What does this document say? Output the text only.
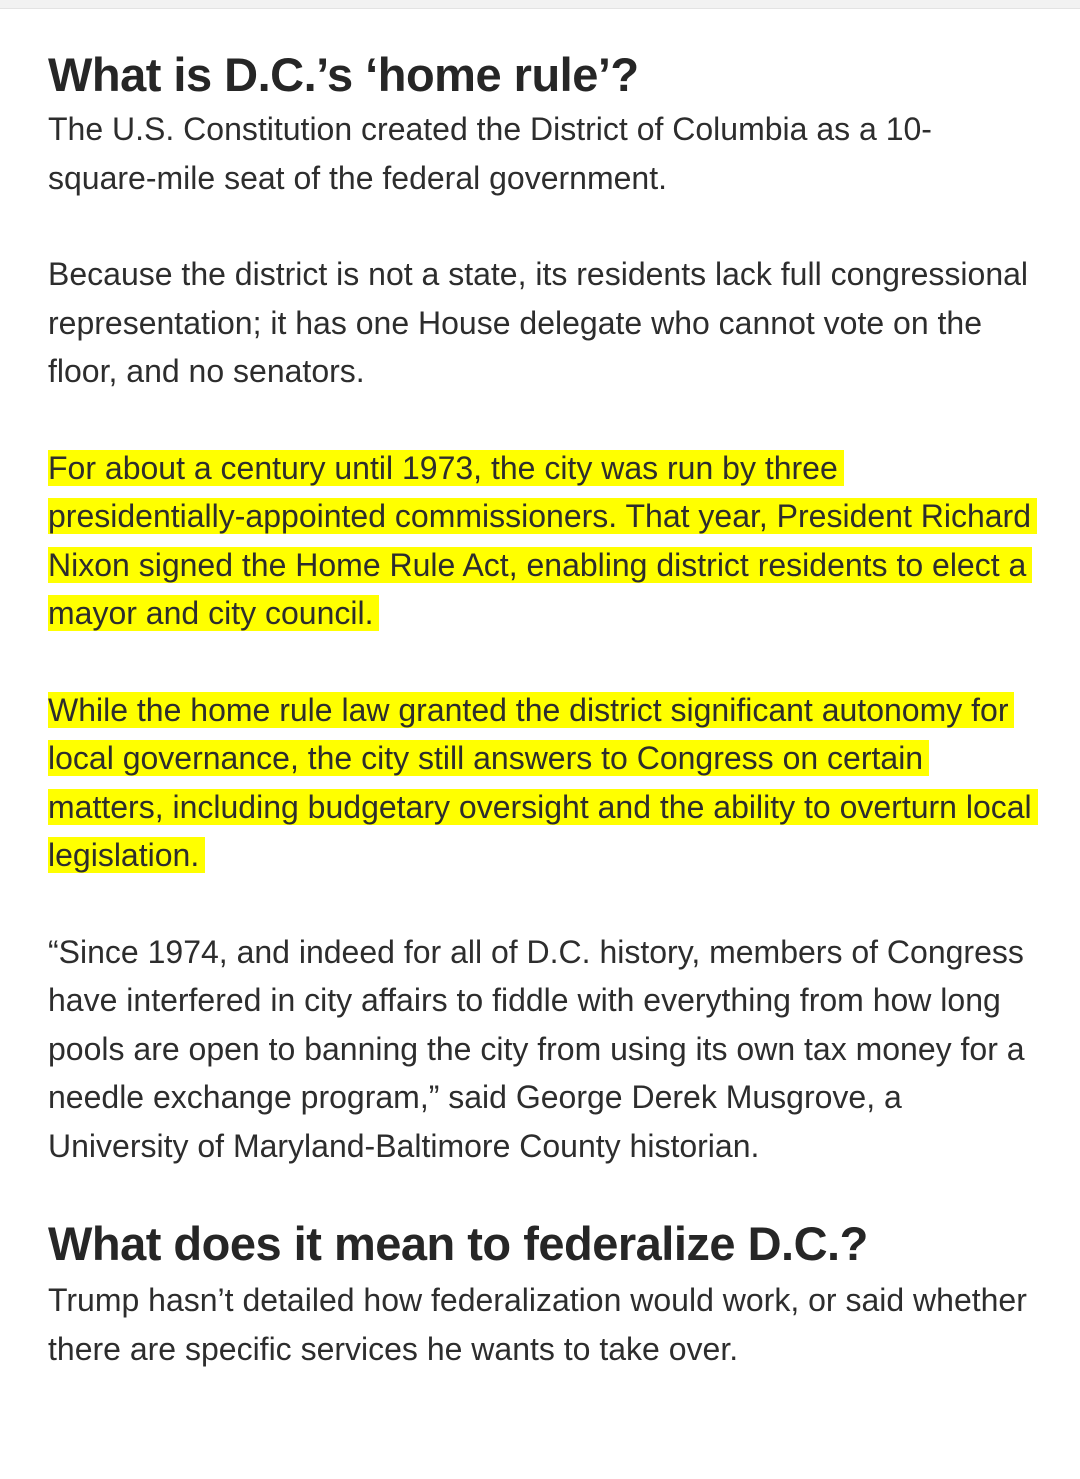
What is D.C.’s ‘home rule’?

The U.S. Constitution created the District of Columbia as a 10-square-mile seat of the federal government.

Because the district is not a state, its residents lack full congressional representation; it has one House delegate who cannot vote on the floor, and no senators.

For about a century until 1973, the city was run by three presidentially-appointed commissioners. That year, President Richard Nixon signed the Home Rule Act, enabling district residents to elect a mayor and city council.

While the home rule law granted the district significant autonomy for local governance, the city still answers to Congress on certain matters, including budgetary oversight and the ability to overturn local legislation.

“Since 1974, and indeed for all of D.C. history, members of Congress have interfered in city affairs to fiddle with everything from how long pools are open to banning the city from using its own tax money for a needle exchange program,” said George Derek Musgrove, a University of Maryland-Baltimore County historian.

What does it mean to federalize D.C.?

Trump hasn’t detailed how federalization would work, or said whether there are specific services he wants to take over.
